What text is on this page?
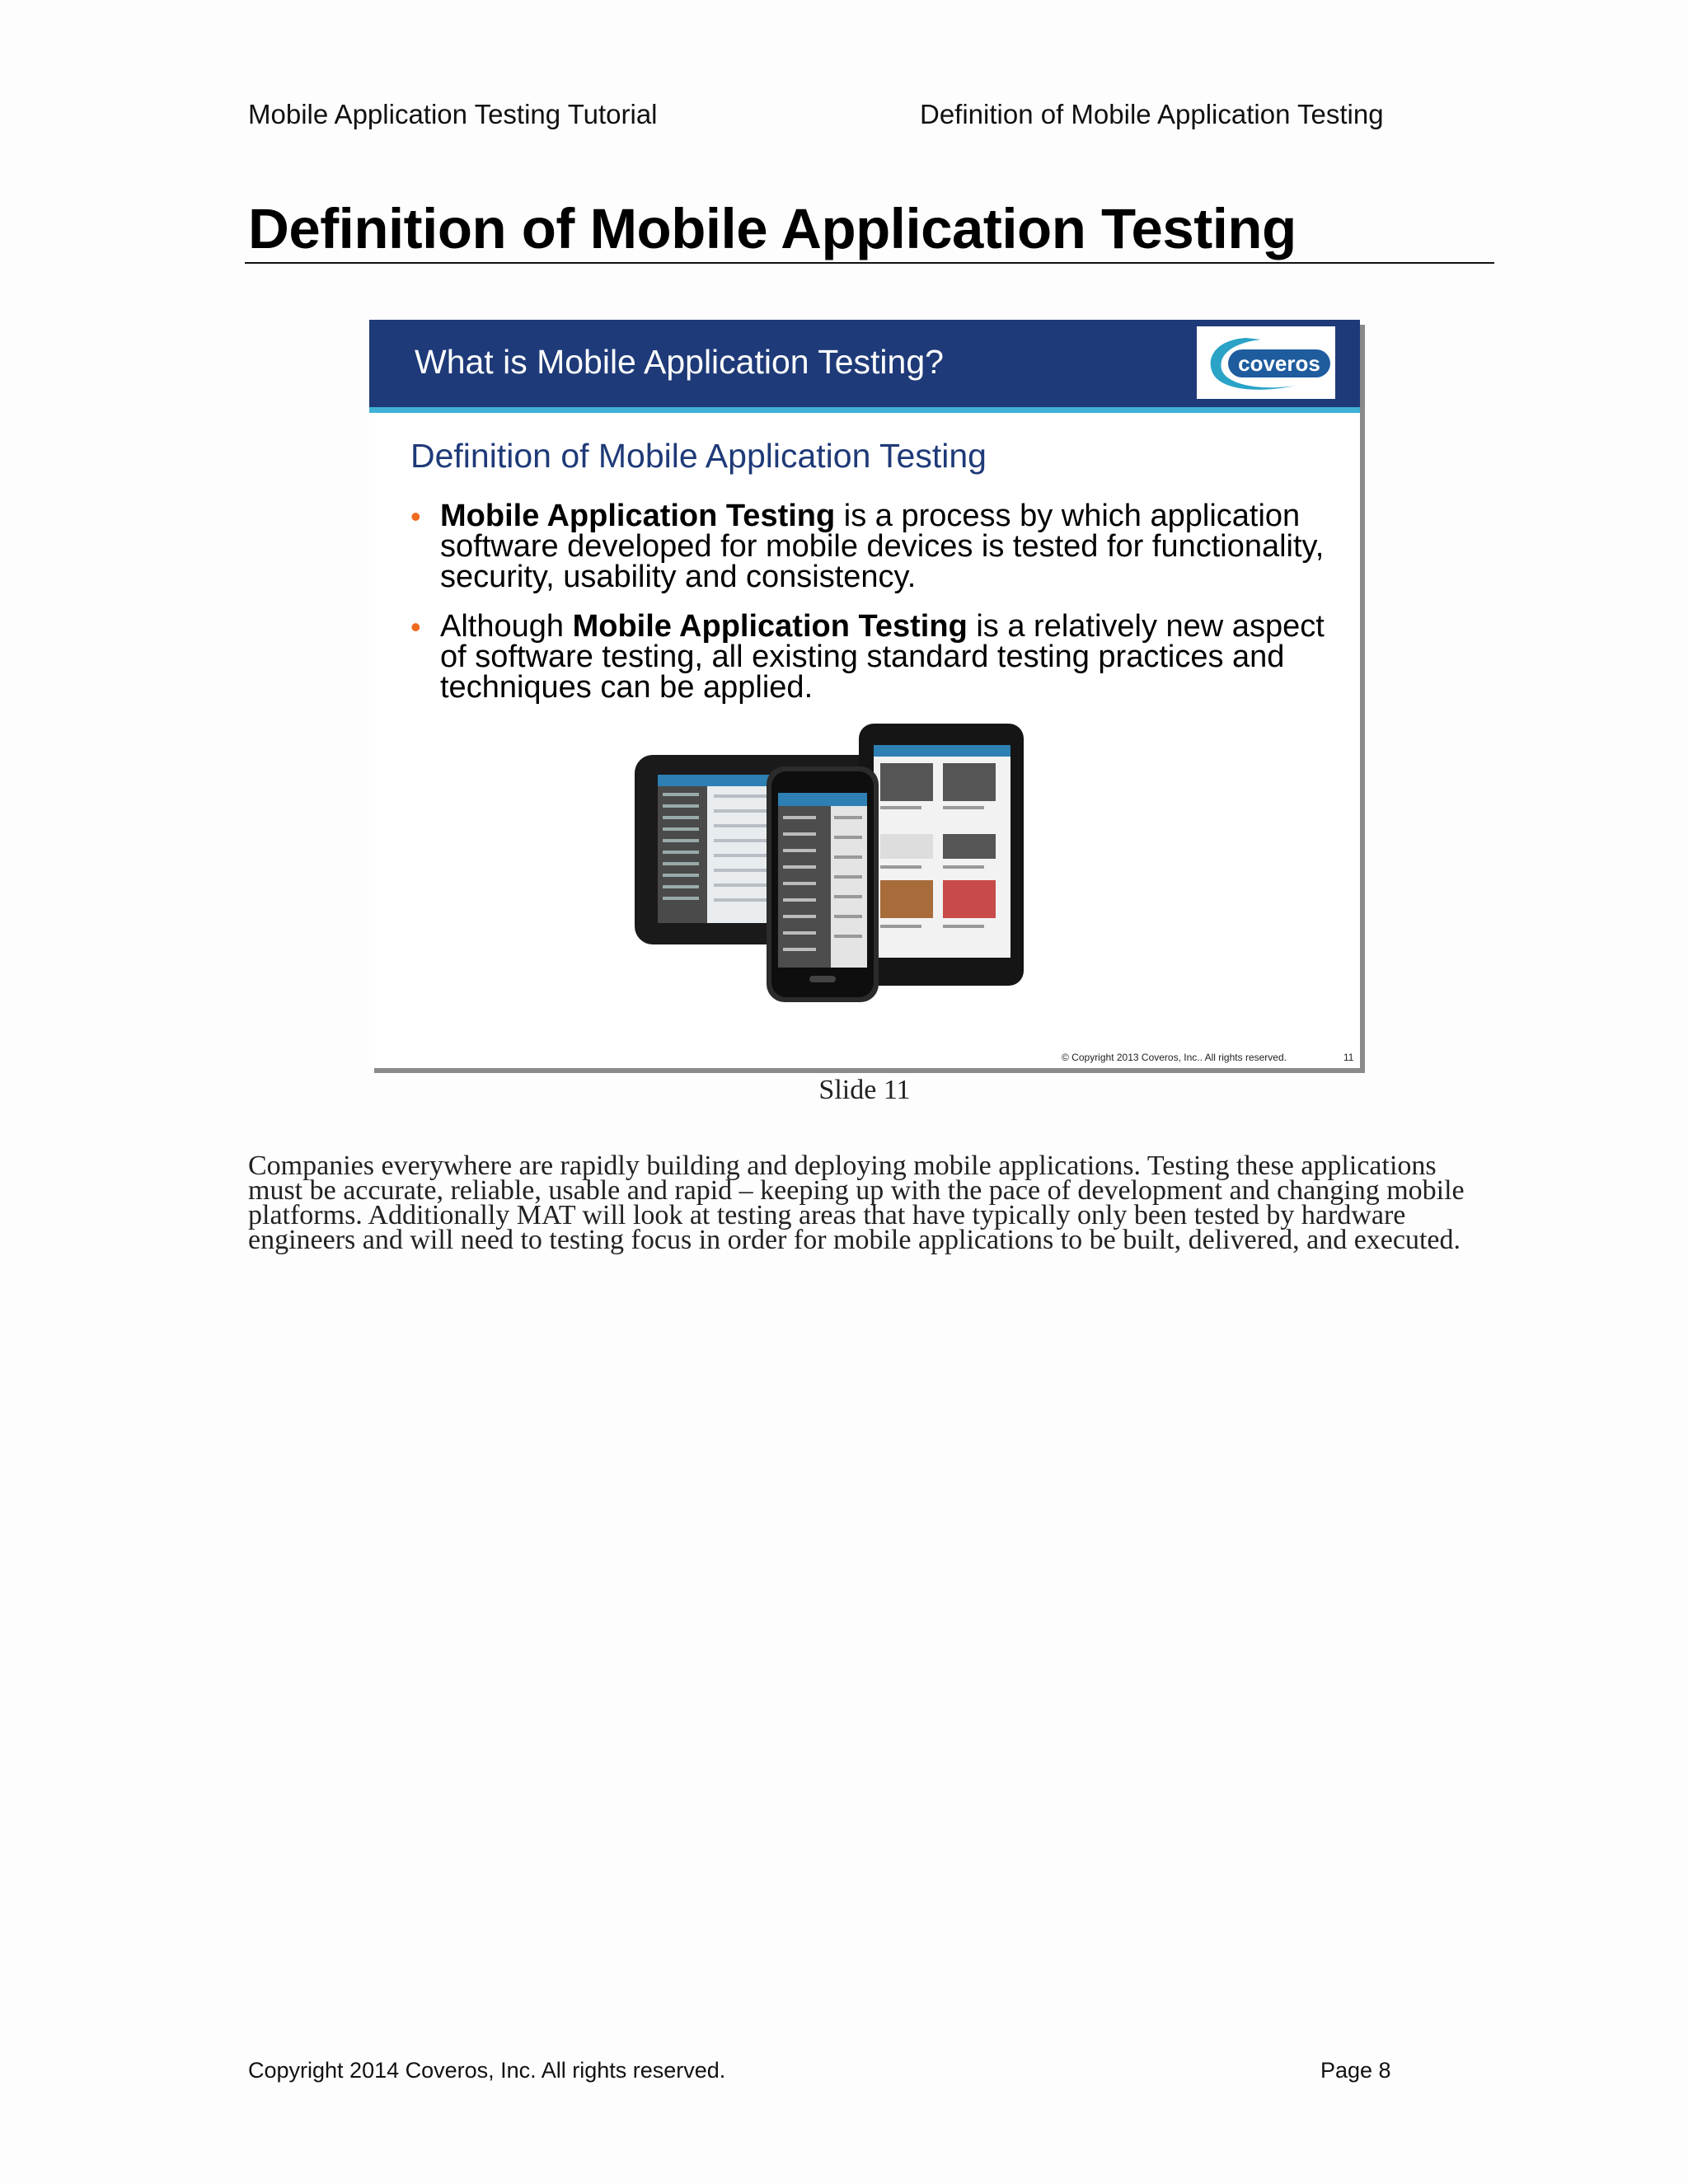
Mobile Application Testing Tutorial	Definition of Mobile Application Testing
Definition of Mobile Application Testing
What is Mobile Application Testing?	coveros
Definition of Mobile Application Testing
• Mobile Application Testing is a process by which application software developed for mobile devices is tested for functionality, security, usability and consistency.
• Although Mobile Application Testing is a relatively new aspect of software testing, all existing standard testing practices and techniques can be applied.
© Copyright 2013 Coveros, Inc.. All rights reserved.	11
Slide 11

Companies everywhere are rapidly building and deploying mobile applications. Testing these applications must be accurate, reliable, usable and rapid – keeping up with the pace of development and changing mobile platforms. Additionally MAT will look at testing areas that have typically only been tested by hardware engineers and will need to testing focus in order for mobile applications to be built, delivered, and executed.

Copyright 2014 Coveros, Inc. All rights reserved.	Page 8
